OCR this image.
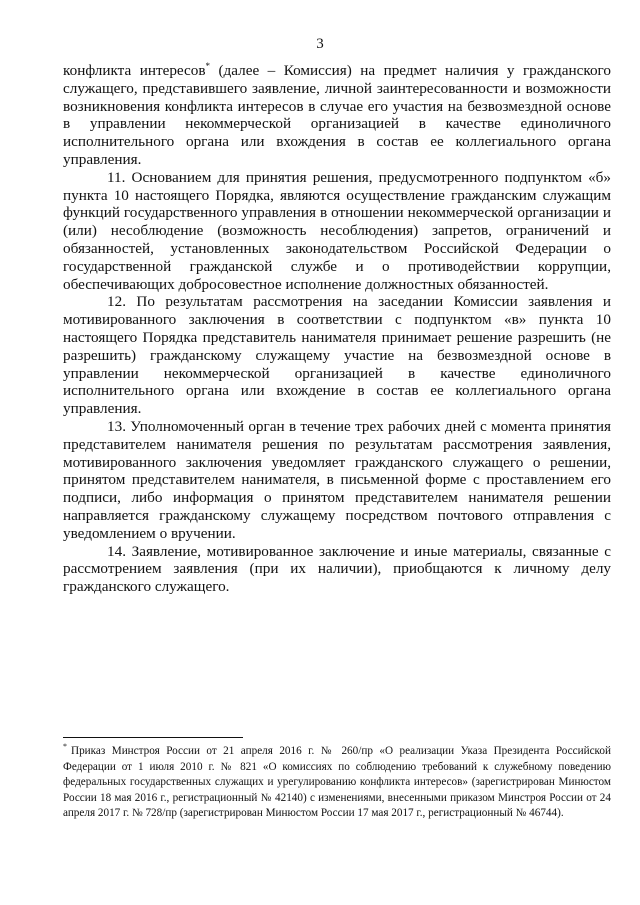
3

конфликта интересов* (далее – Комиссия) на предмет наличия у гражданского служащего, представившего заявление, личной заинтересованности и возможности возникновения конфликта интересов в случае его участия на безвозмездной основе в управлении некоммерческой организацией в качестве единоличного исполнительного органа или вхождения в состав ее коллегиального органа управления.

11. Основанием для принятия решения, предусмотренного подпунктом «б» пункта 10 настоящего Порядка, являются осуществление гражданским служащим функций государственного управления в отношении некоммерческой организации и (или) несоблюдение (возможность несоблюдения) запретов, ограничений и обязанностей, установленных законодательством Российской Федерации о государственной гражданской службе и о противодействии коррупции, обеспечивающих добросовестное исполнение должностных обязанностей.

12. По результатам рассмотрения на заседании Комиссии заявления и мотивированного заключения в соответствии с подпунктом «в» пункта 10 настоящего Порядка представитель нанимателя принимает решение разрешить (не разрешить) гражданскому служащему участие на безвозмездной основе в управлении некоммерческой организацией в качестве единоличного исполнительного органа или вхождение в состав ее коллегиального органа управления.

13. Уполномоченный орган в течение трех рабочих дней с момента принятия представителем нанимателя решения по результатам рассмотрения заявления, мотивированного заключения уведомляет гражданского служащего о решении, принятом представителем нанимателя, в письменной форме с проставлением его подписи, либо информация о принятом представителем нанимателя решении направляется гражданскому служащему посредством почтового отправления с уведомлением о вручении.

14. Заявление, мотивированное заключение и иные материалы, связанные с рассмотрением заявления (при их наличии), приобщаются к личному делу гражданского служащего.

* Приказ Минстроя России от 21 апреля 2016 г. № 260/пр «О реализации Указа Президента Российской Федерации от 1 июля 2010 г. № 821 «О комиссиях по соблюдению требований к служебному поведению федеральных государственных служащих и урегулированию конфликта интересов» (зарегистрирован Минюстом России 18 мая 2016 г., регистрационный № 42140) с изменениями, внесенными приказом Минстроя России от 24 апреля 2017 г. № 728/пр (зарегистрирован Минюстом России 17 мая 2017 г., регистрационный № 46744).
